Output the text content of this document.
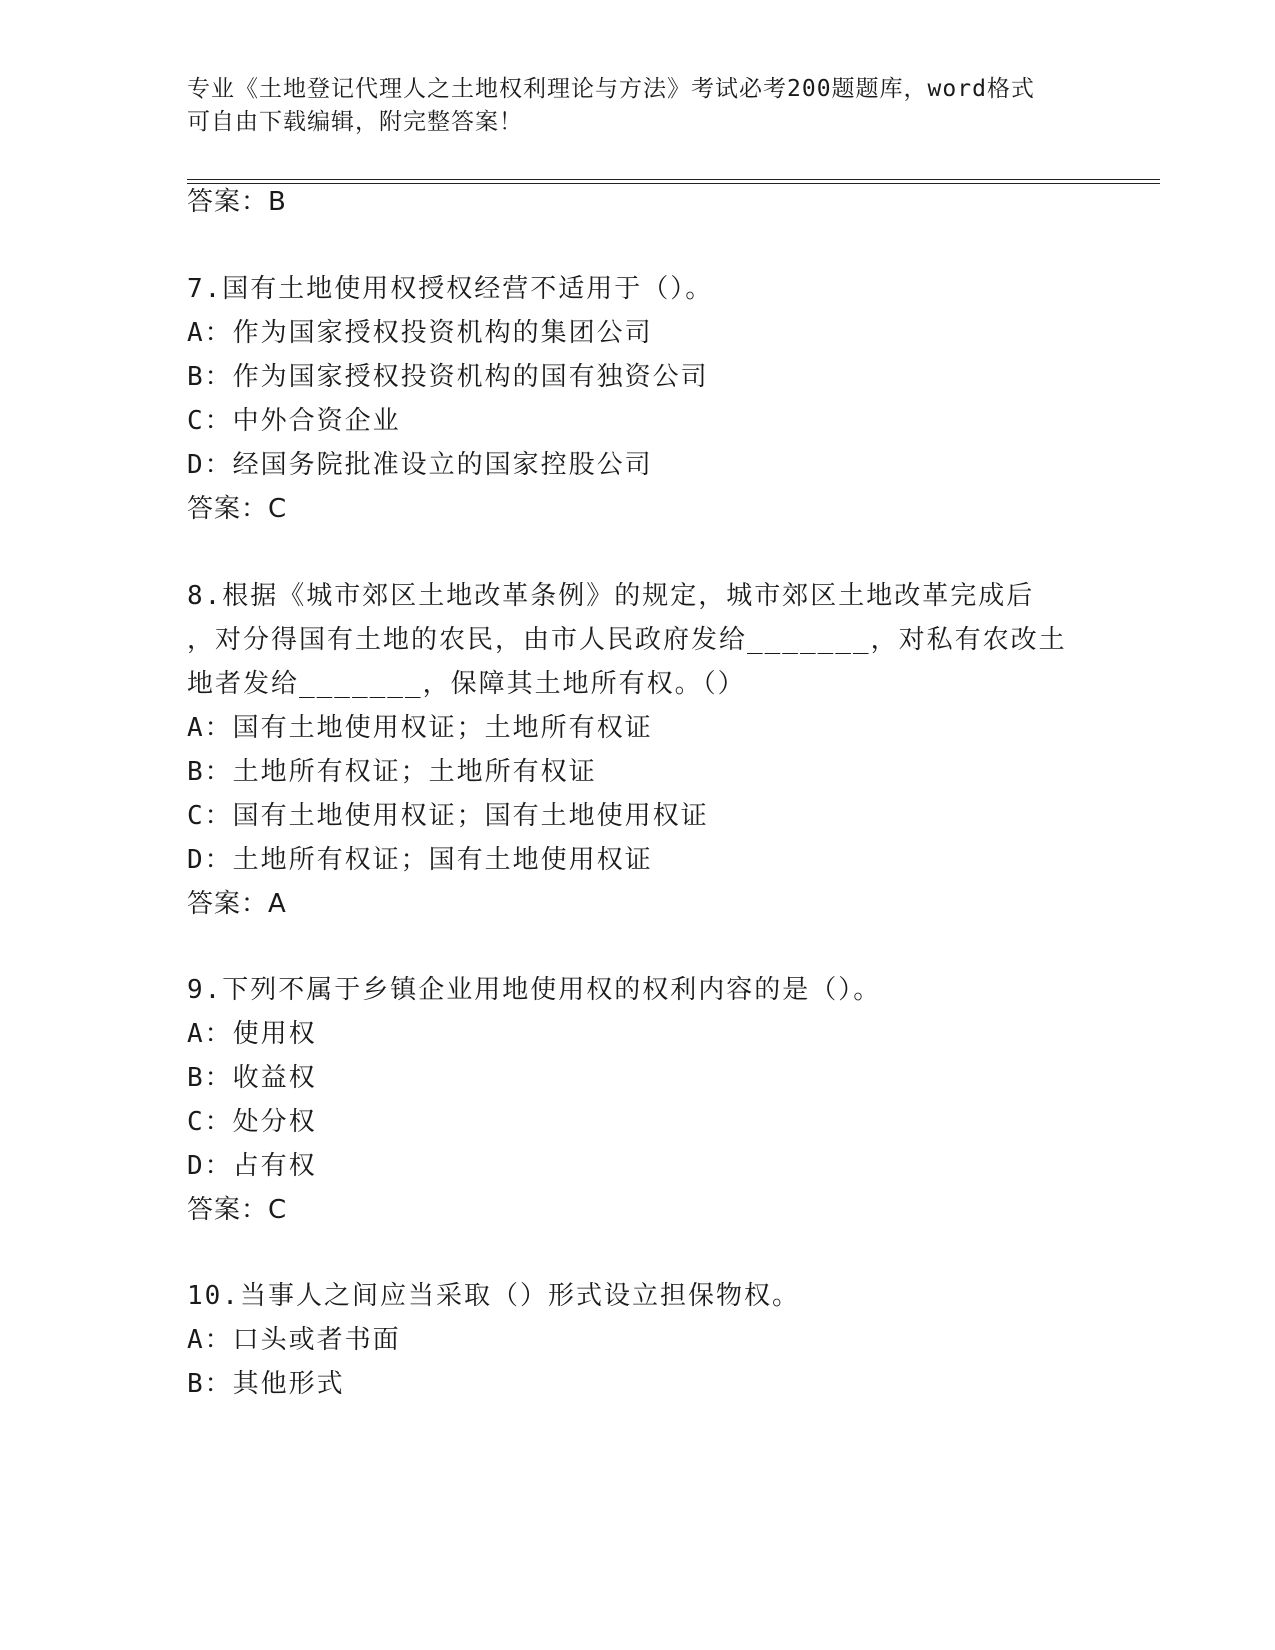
专业《土地登记代理人之土地权利理论与方法》考试必考200题题库，word格式
可自由下载编辑，附完整答案！
答案：B
7.国有土地使用权授权经营不适用于（）。
A：作为国家授权投资机构的集团公司
B：作为国家授权投资机构的国有独资公司
C：中外合资企业
D：经国务院批准设立的国家控股公司
答案：C
8.根据《城市郊区土地改革条例》的规定，城市郊区土地改革完成后
，对分得国有土地的农民，由市人民政府发给_______，对私有农改土
地者发给_______，保障其土地所有权。（）
A：国有土地使用权证；土地所有权证
B：土地所有权证；土地所有权证
C：国有土地使用权证；国有土地使用权证
D：土地所有权证；国有土地使用权证
答案：A
9.下列不属于乡镇企业用地使用权的权利内容的是（）。
A：使用权
B：收益权
C：处分权
D：占有权
答案：C
10.当事人之间应当采取（）形式设立担保物权。
A：口头或者书面
B：其他形式
